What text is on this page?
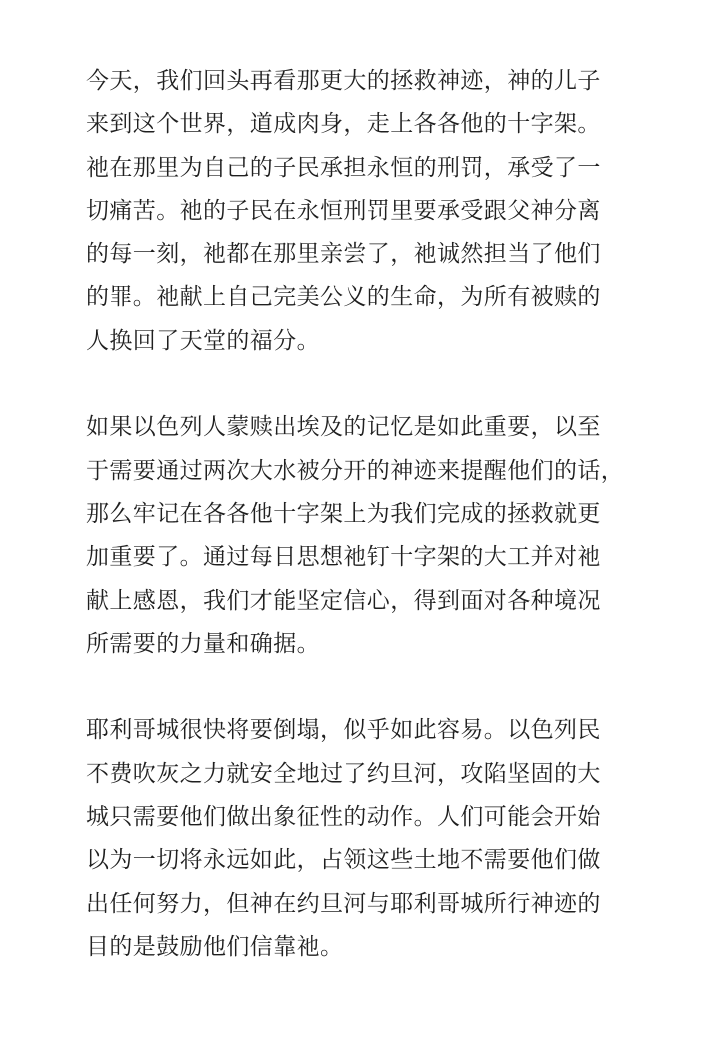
今天，我们回头再看那更大的拯救神迹，神的儿子
来到这个世界，道成肉身，走上各各他的十字架。
祂在那里为自己的子民承担永恒的刑罚，承受了一
切痛苦。祂的子民在永恒刑罚里要承受跟父神分离
的每一刻，祂都在那里亲尝了，祂诚然担当了他们
的罪。祂献上自己完美公义的生命，为所有被赎的
人换回了天堂的福分。

如果以色列人蒙赎出埃及的记忆是如此重要，以至
于需要通过两次大水被分开的神迹来提醒他们的话，
那么牢记在各各他十字架上为我们完成的拯救就更
加重要了。通过每日思想祂钉十字架的大工并对祂
献上感恩，我们才能坚定信心，得到面对各种境况
所需要的力量和确据。

耶利哥城很快将要倒塌，似乎如此容易。以色列民
不费吹灰之力就安全地过了约旦河，攻陷坚固的大
城只需要他们做出象征性的动作。人们可能会开始
以为一切将永远如此，占领这些土地不需要他们做
出任何努力，但神在约旦河与耶利哥城所行神迹的
目的是鼓励他们信靠祂。
